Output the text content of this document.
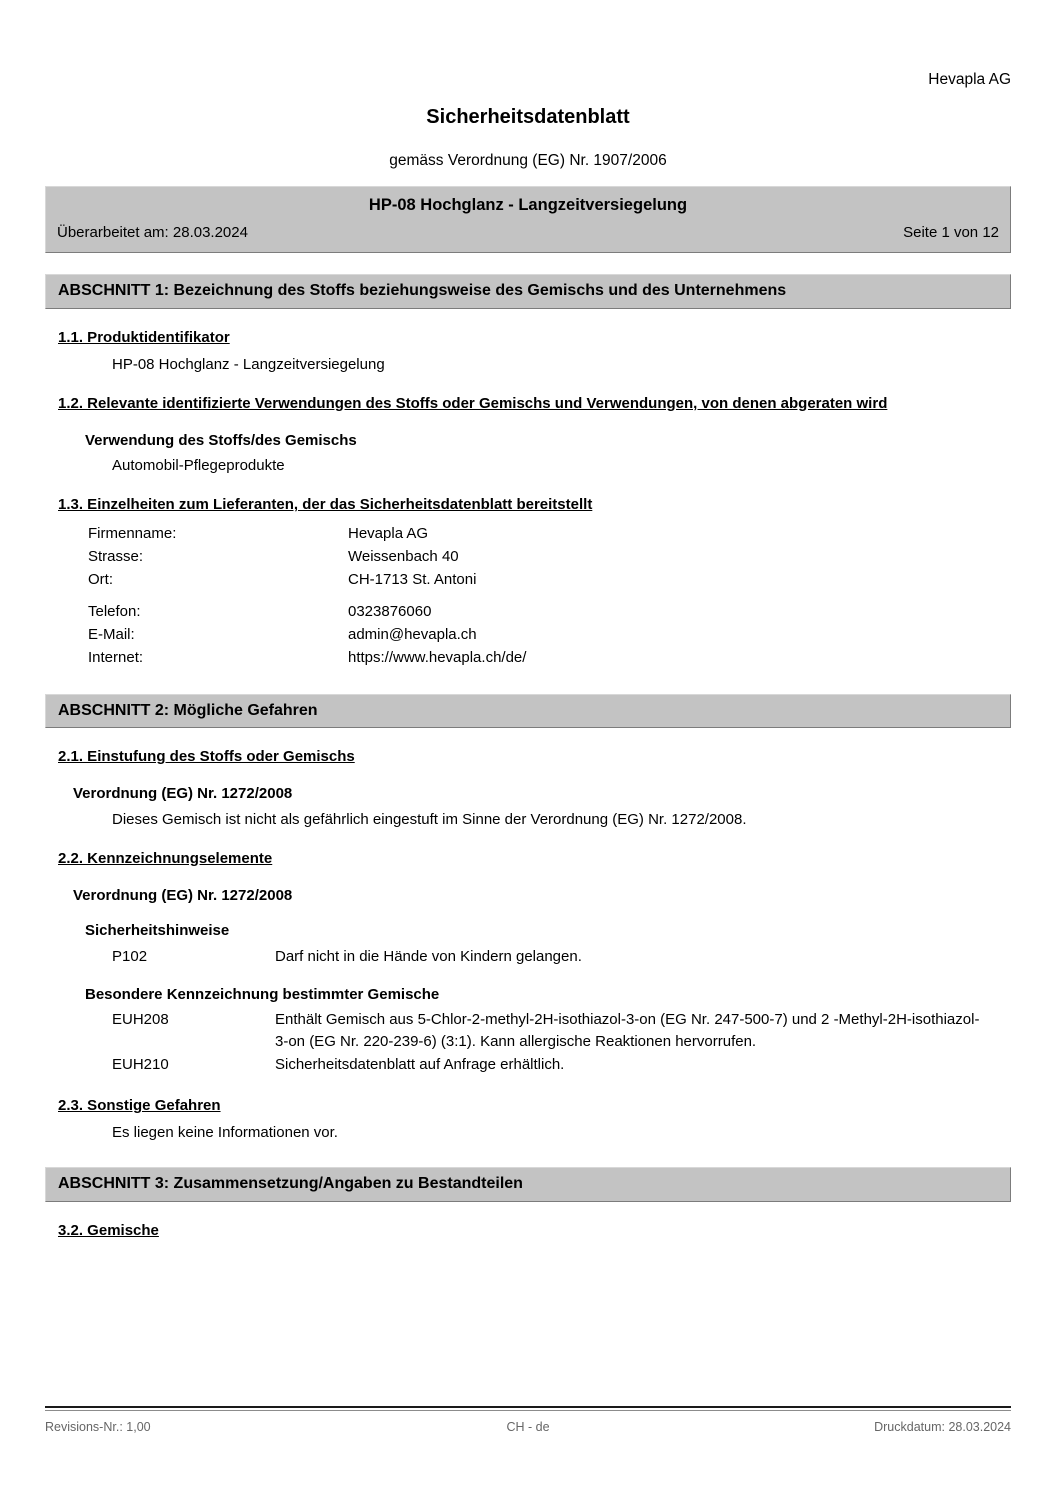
Hevapla AG
Sicherheitsdatenblatt
gemäss Verordnung (EG) Nr. 1907/2006
HP-08 Hochglanz - Langzeitversiegelung
Überarbeitet am: 28.03.2024	Seite 1 von 12
ABSCHNITT 1: Bezeichnung des Stoffs beziehungsweise des Gemischs und des Unternehmens
1.1. Produktidentifikator
HP-08 Hochglanz - Langzeitversiegelung
1.2. Relevante identifizierte Verwendungen des Stoffs oder Gemischs und Verwendungen, von denen abgeraten wird
Verwendung des Stoffs/des Gemischs
Automobil-Pflegeprodukte
1.3. Einzelheiten zum Lieferanten, der das Sicherheitsdatenblatt bereitstellt
Firmenname:	Hevapla AG
Strasse:	Weissenbach 40
Ort:	CH-1713 St. Antoni

Telefon:	0323876060
E-Mail:	admin@hevapla.ch
Internet:	https://www.hevapla.ch/de/
ABSCHNITT 2: Mögliche Gefahren
2.1. Einstufung des Stoffs oder Gemischs
Verordnung (EG) Nr. 1272/2008
Dieses Gemisch ist nicht als gefährlich eingestuft im Sinne der Verordnung (EG) Nr. 1272/2008.
2.2. Kennzeichnungselemente
Verordnung (EG) Nr. 1272/2008
Sicherheitshinweise
P102	Darf nicht in die Hände von Kindern gelangen.
Besondere Kennzeichnung bestimmter Gemische
EUH208	Enthält Gemisch aus 5-Chlor-2-methyl-2H-isothiazol-3-on (EG Nr. 247-500-7) und 2 -Methyl-2H-isothiazol-3-on (EG Nr. 220-239-6) (3:1). Kann allergische Reaktionen hervorrufen.
EUH210	Sicherheitsdatenblatt auf Anfrage erhältlich.
2.3. Sonstige Gefahren
Es liegen keine Informationen vor.
ABSCHNITT 3: Zusammensetzung/Angaben zu Bestandteilen
3.2. Gemische
Revisions-Nr.: 1,00	CH - de	Druckdatum: 28.03.2024
